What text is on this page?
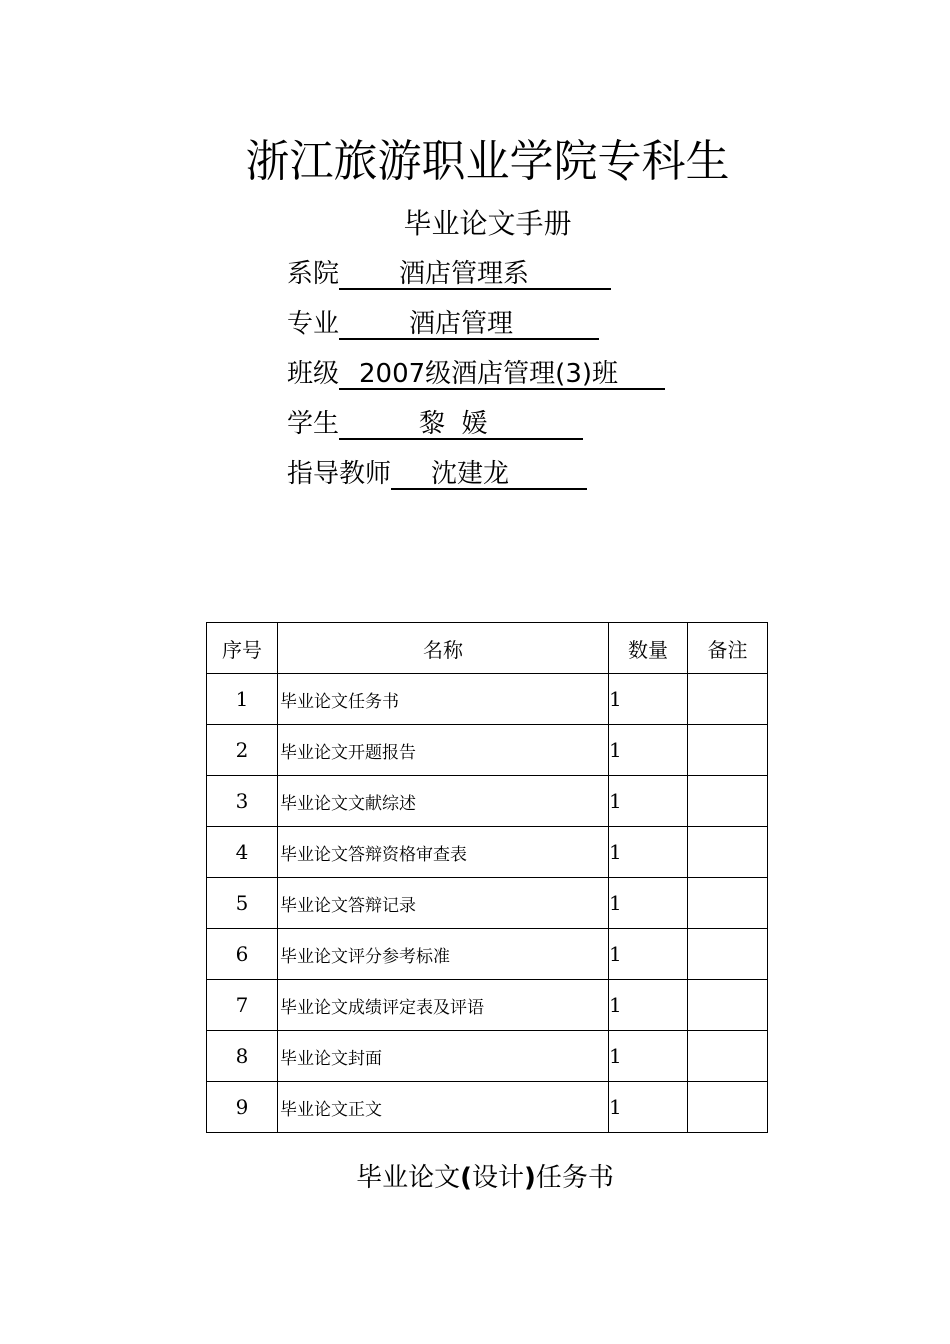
浙江旅游职业学院专科生
毕业论文手册
系院 酒店管理系
专业	酒店管理
班级 2007级酒店管理(3)班
学生	黎  媛
指导教师 沈建龙
序号	名称	数量	备注
1	毕业论文任务书	1	
2	毕业论文开题报告	1	
3	毕业论文文献综述	1	
4	毕业论文答辩资格审查表	1	
5	毕业论文答辩记录	1	
6	毕业论文评分参考标准	1	
7	毕业论文成绩评定表及评语	1	
8	毕业论文封面	1	
9	毕业论文正文	1	
毕业论文(设计)任务书
